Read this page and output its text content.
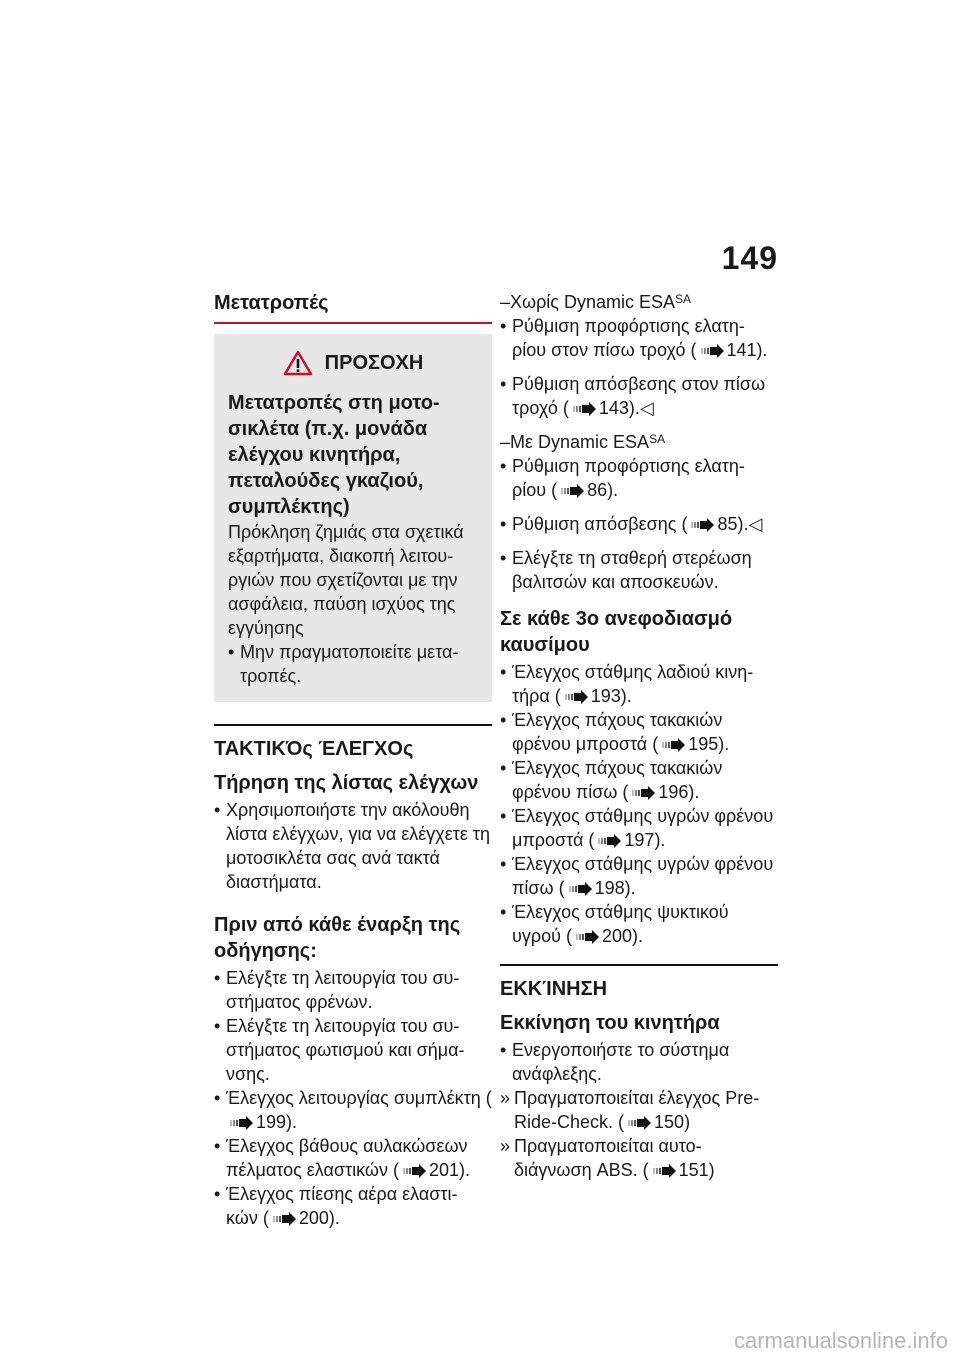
149
Μετατροπές
ΠΡΟΣΟΧΗ
Μετατροπές στη μοτο- σικλέτα (π.χ. μονάδα ελέγχου κινητήρα, πεταλούδες γκαζιού, συμπλέκτης)
Πρόκληση ζημιάς στα σχετικά εξαρτήματα, διακοπή λειτου- ργιών που σχετίζονται με την ασφάλεια, παύση ισχύος της εγγύησης
• Μην πραγματοποιείτε μετα- τροπές.
ΤΑΚΤΙΚΌς ΈΛΕΓΧΟς
Τήρηση της λίστας ελέγχων
• Χρησιμοποιήστε την ακόλουθη λίστα ελέγχων, για να ελέγχετε τη μοτοσικλέτα σας ανά τακτά διαστήματα.
Πριν από κάθε έναρξη της οδήγησης:
• Ελέγξτε τη λειτουργία του συ- στήματος φρένων.
• Ελέγξτε τη λειτουργία του συ- στήματος φωτισμού και σήμα- νσης.
• Έλεγχος λειτουργίας συμπλέκτη (199).
• Έλεγχος βάθους αυλακώσεων πέλματος ελαστικών ( 201).
• Έλεγχος πίεσης αέρα ελαστι- κών ( 200).
–Χωρίς Dynamic $ESA^{SA}$
• Ρύθμιση προφόρτισης ελατη- ρίου στον πίσω τροχό ( 141).
• Ρύθμιση απόσβεσης στον πίσω τροχό ( 143).◁
–Με Dynamic $ESA^{SA}$
• Ρύθμιση προφόρτισης ελατη- ρίου ( 86).
• Ρύθμιση απόσβεσης ( 85).◁
• Ελέγξτε τη σταθερή στερέωση βαλιτσών και αποσκευών.
Σε κάθε 3ο ανεφοδιασμό καυσίμου
• Έλεγχος στάθμης λαδιού κινη- τήρα ( 193).
• Έλεγχος πάχους τακακιών φρένου μπροστά ( 195).
• Έλεγχος πάχους τακακιών φρένου πίσω ( 196).
• Έλεγχος στάθμης υγρών φρένου μπροστά ( 197).
• Έλεγχος στάθμης υγρών φρένου πίσω ( 198).
• Έλεγχος στάθμης ψυκτικού υγρού ( 200).
ΕΚΚΊΝΗΣΗ
Εκκίνηση του κινητήρα
• Ενεργοποιήστε το σύστημα ανάφλεξης.
» Πραγματοποιείται έλεγχος Pre- Ride-Check. ( 150)
» Πραγματοποιείται αυτο- διάγνωση ABS. ( 151)
carmanualsonline.info
